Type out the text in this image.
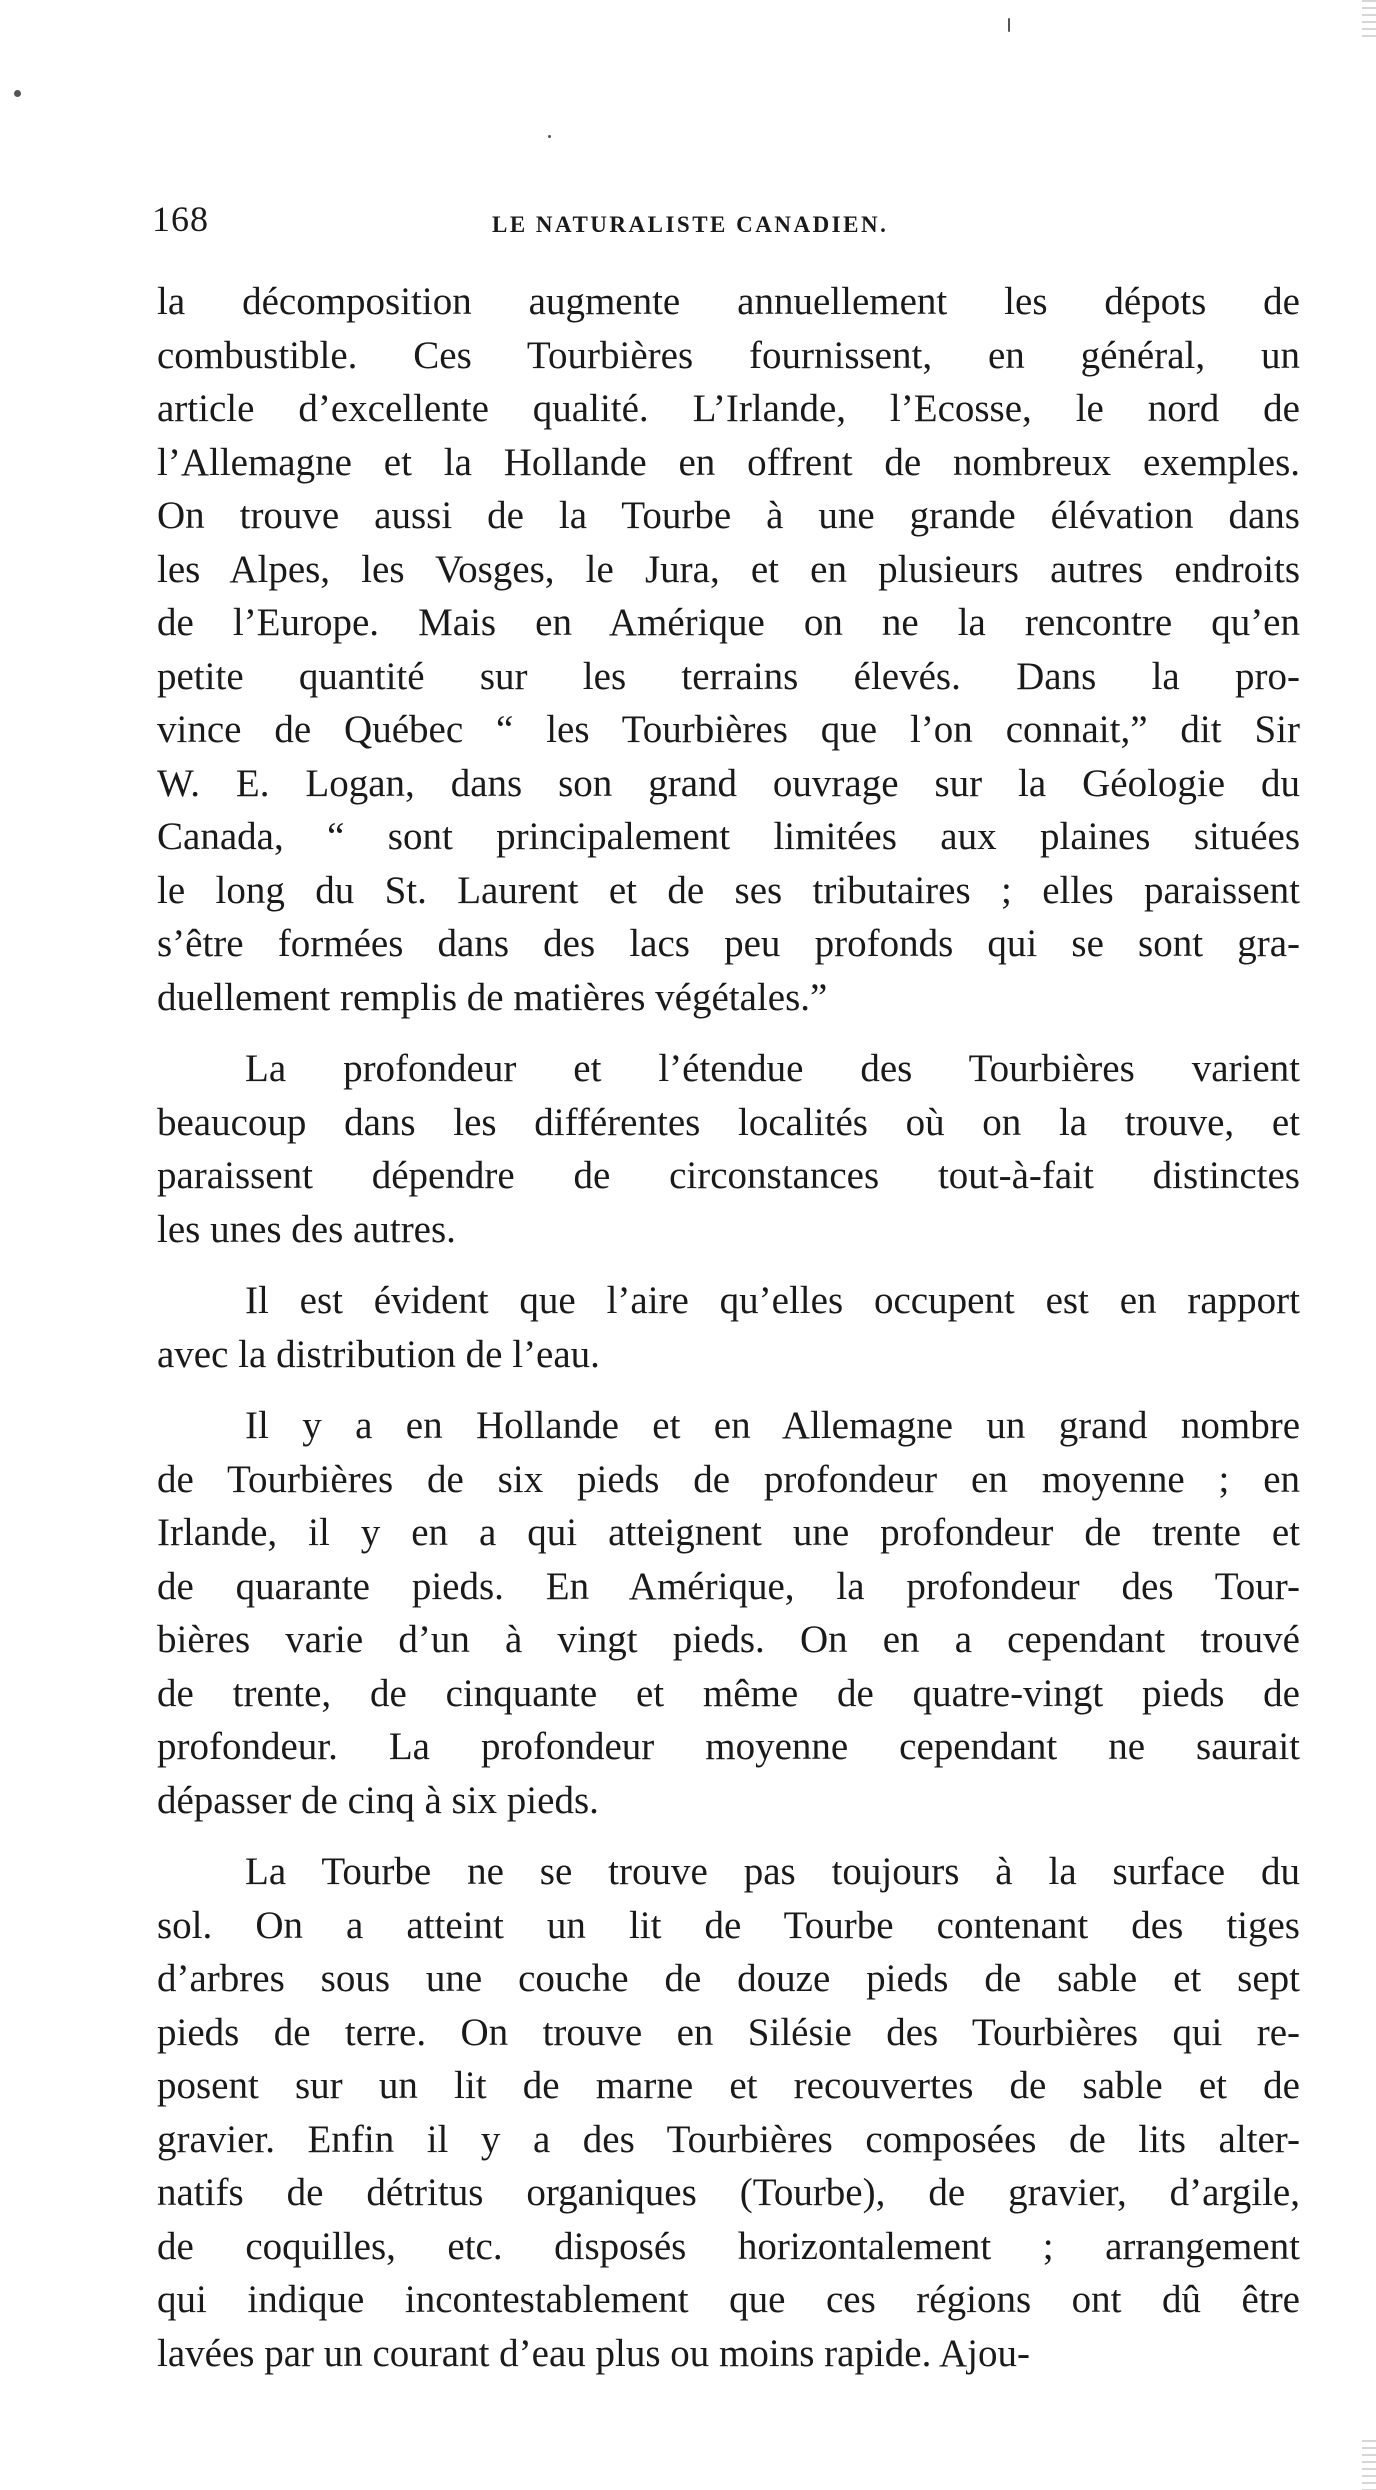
168	LE NATURALISTE CANADIEN.
la décomposition augmente annuellement les dépots de
combustible. Ces Tourbières fournissent, en général, un
article d’excellente qualité. L’Irlande, l’Ecosse, le nord de
l’Allemagne et la Hollande en offrent de nombreux exemples.
On trouve aussi de la Tourbe à une grande élévation dans
les Alpes, les Vosges, le Jura, et en plusieurs autres endroits
de l’Europe. Mais en Amérique on ne la rencontre qu’en
petite quantité sur les terrains élevés. Dans la pro-
vince de Québec “ les Tourbières que l’on connait,” dit Sir
W. E. Logan, dans son grand ouvrage sur la Géologie du
Canada, “ sont principalement limitées aux plaines situées
le long du St. Laurent et de ses tributaires ; elles paraissent
s’être formées dans des lacs peu profonds qui se sont gra-
duellement remplis de matières végétales.”
La profondeur et l’étendue des Tourbières varient
beaucoup dans les différentes localités où on la trouve, et
paraissent dépendre de circonstances tout-à-fait distinctes
les unes des autres.
Il est évident que l’aire qu’elles occupent est en rapport
avec la distribution de l’eau.
Il y a en Hollande et en Allemagne un grand nombre
de Tourbières de six pieds de profondeur en moyenne ; en
Irlande, il y en a qui atteignent une profondeur de trente et
de quarante pieds. En Amérique, la profondeur des Tour-
bières varie d’un à vingt pieds. On en a cependant trouvé
de trente, de cinquante et même de quatre-vingt pieds de
profondeur. La profondeur moyenne cependant ne saurait
dépasser de cinq à six pieds.
La Tourbe ne se trouve pas toujours à la surface du
sol. On a atteint un lit de Tourbe contenant des tiges
d’arbres sous une couche de douze pieds de sable et sept
pieds de terre. On trouve en Silésie des Tourbières qui re-
posent sur un lit de marne et recouvertes de sable et de
gravier. Enfin il y a des Tourbières composées de lits alter-
natifs de détritus organiques (Tourbe), de gravier, d’argile,
de coquilles, etc. disposés horizontalement ; arrangement
qui indique incontestablement que ces régions ont dû être
lavées par un courant d’eau plus ou moins rapide. Ajou-
